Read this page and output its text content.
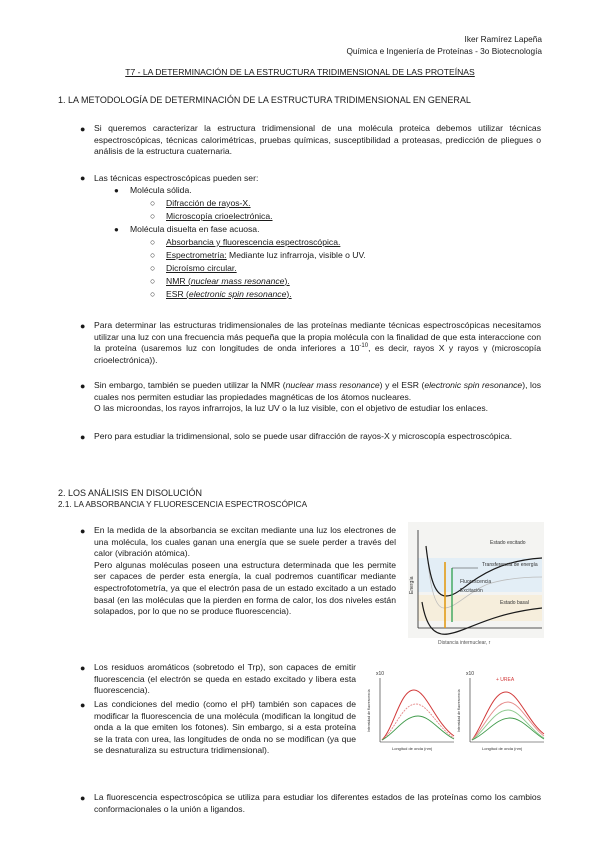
Iker Ramírez Lapeña
Química e Ingeniería de Proteínas - 3o Biotecnología
T7 - LA DETERMINACIÓN DE LA ESTRUCTURA TRIDIMENSIONAL DE LAS PROTEÍNAS
1. LA METODOLOGÍA DE DETERMINACIÓN DE LA ESTRUCTURA TRIDIMENSIONAL EN GENERAL
● Si queremos caracterizar la estructura tridimensional de una molécula proteica debemos utilizar técnicas espectroscópicas, técnicas calorimétricas, pruebas químicas, susceptibilidad a proteasas, predicción de pliegues o análisis de la estructura cuaternaria.
● Las técnicas espectroscópicas pueden ser:
● Molécula sólida.
○ Difracción de rayos-X.
○ Microscopía crioelectrónica.
● Molécula disuelta en fase acuosa.
○ Absorbancia y fluorescencia espectroscópica.
○ Espectrometría: Mediante luz infrarroja, visible o UV.
○ Dicroísmo circular.
○ NMR (nuclear mass resonance).
○ ESR (electronic spin resonance).
● Para determinar las estructuras tridimensionales de las proteínas mediante técnicas espectroscópicas necesitamos utilizar una luz con una frecuencia más pequeña que la propia molécula con la finalidad de que esta interaccione con la proteína (usaremos luz con longitudes de onda inferiores a $10^{-10}$, es decir, rayos X y rayos γ (microscopía crioelectrónica)).
● Sin embargo, también se pueden utilizar la NMR (nuclear mass resonance) y el ESR (electronic spin resonance), los cuales nos permiten estudiar las propiedades magnéticas de los átomos nucleares.
O las microondas, los rayos infrarrojos, la luz UV o la luz visible, con el objetivo de estudiar los enlaces.
● Pero para estudiar la tridimensional, solo se puede usar difracción de rayos-X y microscopía espectroscópica.
2. LOS ANÁLISIS EN DISOLUCIÓN
2.1. LA ABSORBANCIA Y FLUORESCENCIA ESPECTROSCÓPICA
● En la medida de la absorbancia se excitan mediante una luz los electrones de una molécula, los cuales ganan una energía que se suele perder a través del calor (vibración atómica).
Pero algunas moléculas poseen una estructura determinada que les permite ser capaces de perder esta energía, la cual podremos cuantificar mediante espectrofotometría, ya que el electrón pasa de un estado excitado a un estado basal (en las moléculas que la pierden en forma de calor, los dos niveles están solapados, por lo que no se produce fluorescencia).
Estado excitado
Transferencia de energía
Fluorescencia
Excitación
Estado basal
Energía
Distancia internuclear, r
● Los residuos aromáticos (sobretodo el Trp), son capaces de emitir fluorescencia (el electrón se queda en estado excitado y libera esta fluorescencia).
● Las condiciones del medio (como el pH) también son capaces de modificar la fluorescencia de una molécula (modifican la longitud de onda a la que emiten los fotones). Sin embargo, si a esta proteína se la trata con urea, las longitudes de onda no se modifican (ya que se desnaturaliza su estructura tridimensional).
x10
Intensidad de fluorescencia
Longitud de onda (nm)
x10
+ UREA
Intensidad de fluorescencia
Longitud de onda (nm)
● La fluorescencia espectroscópica se utiliza para estudiar los diferentes estados de las proteínas como los cambios conformacionales o la unión a ligandos.
